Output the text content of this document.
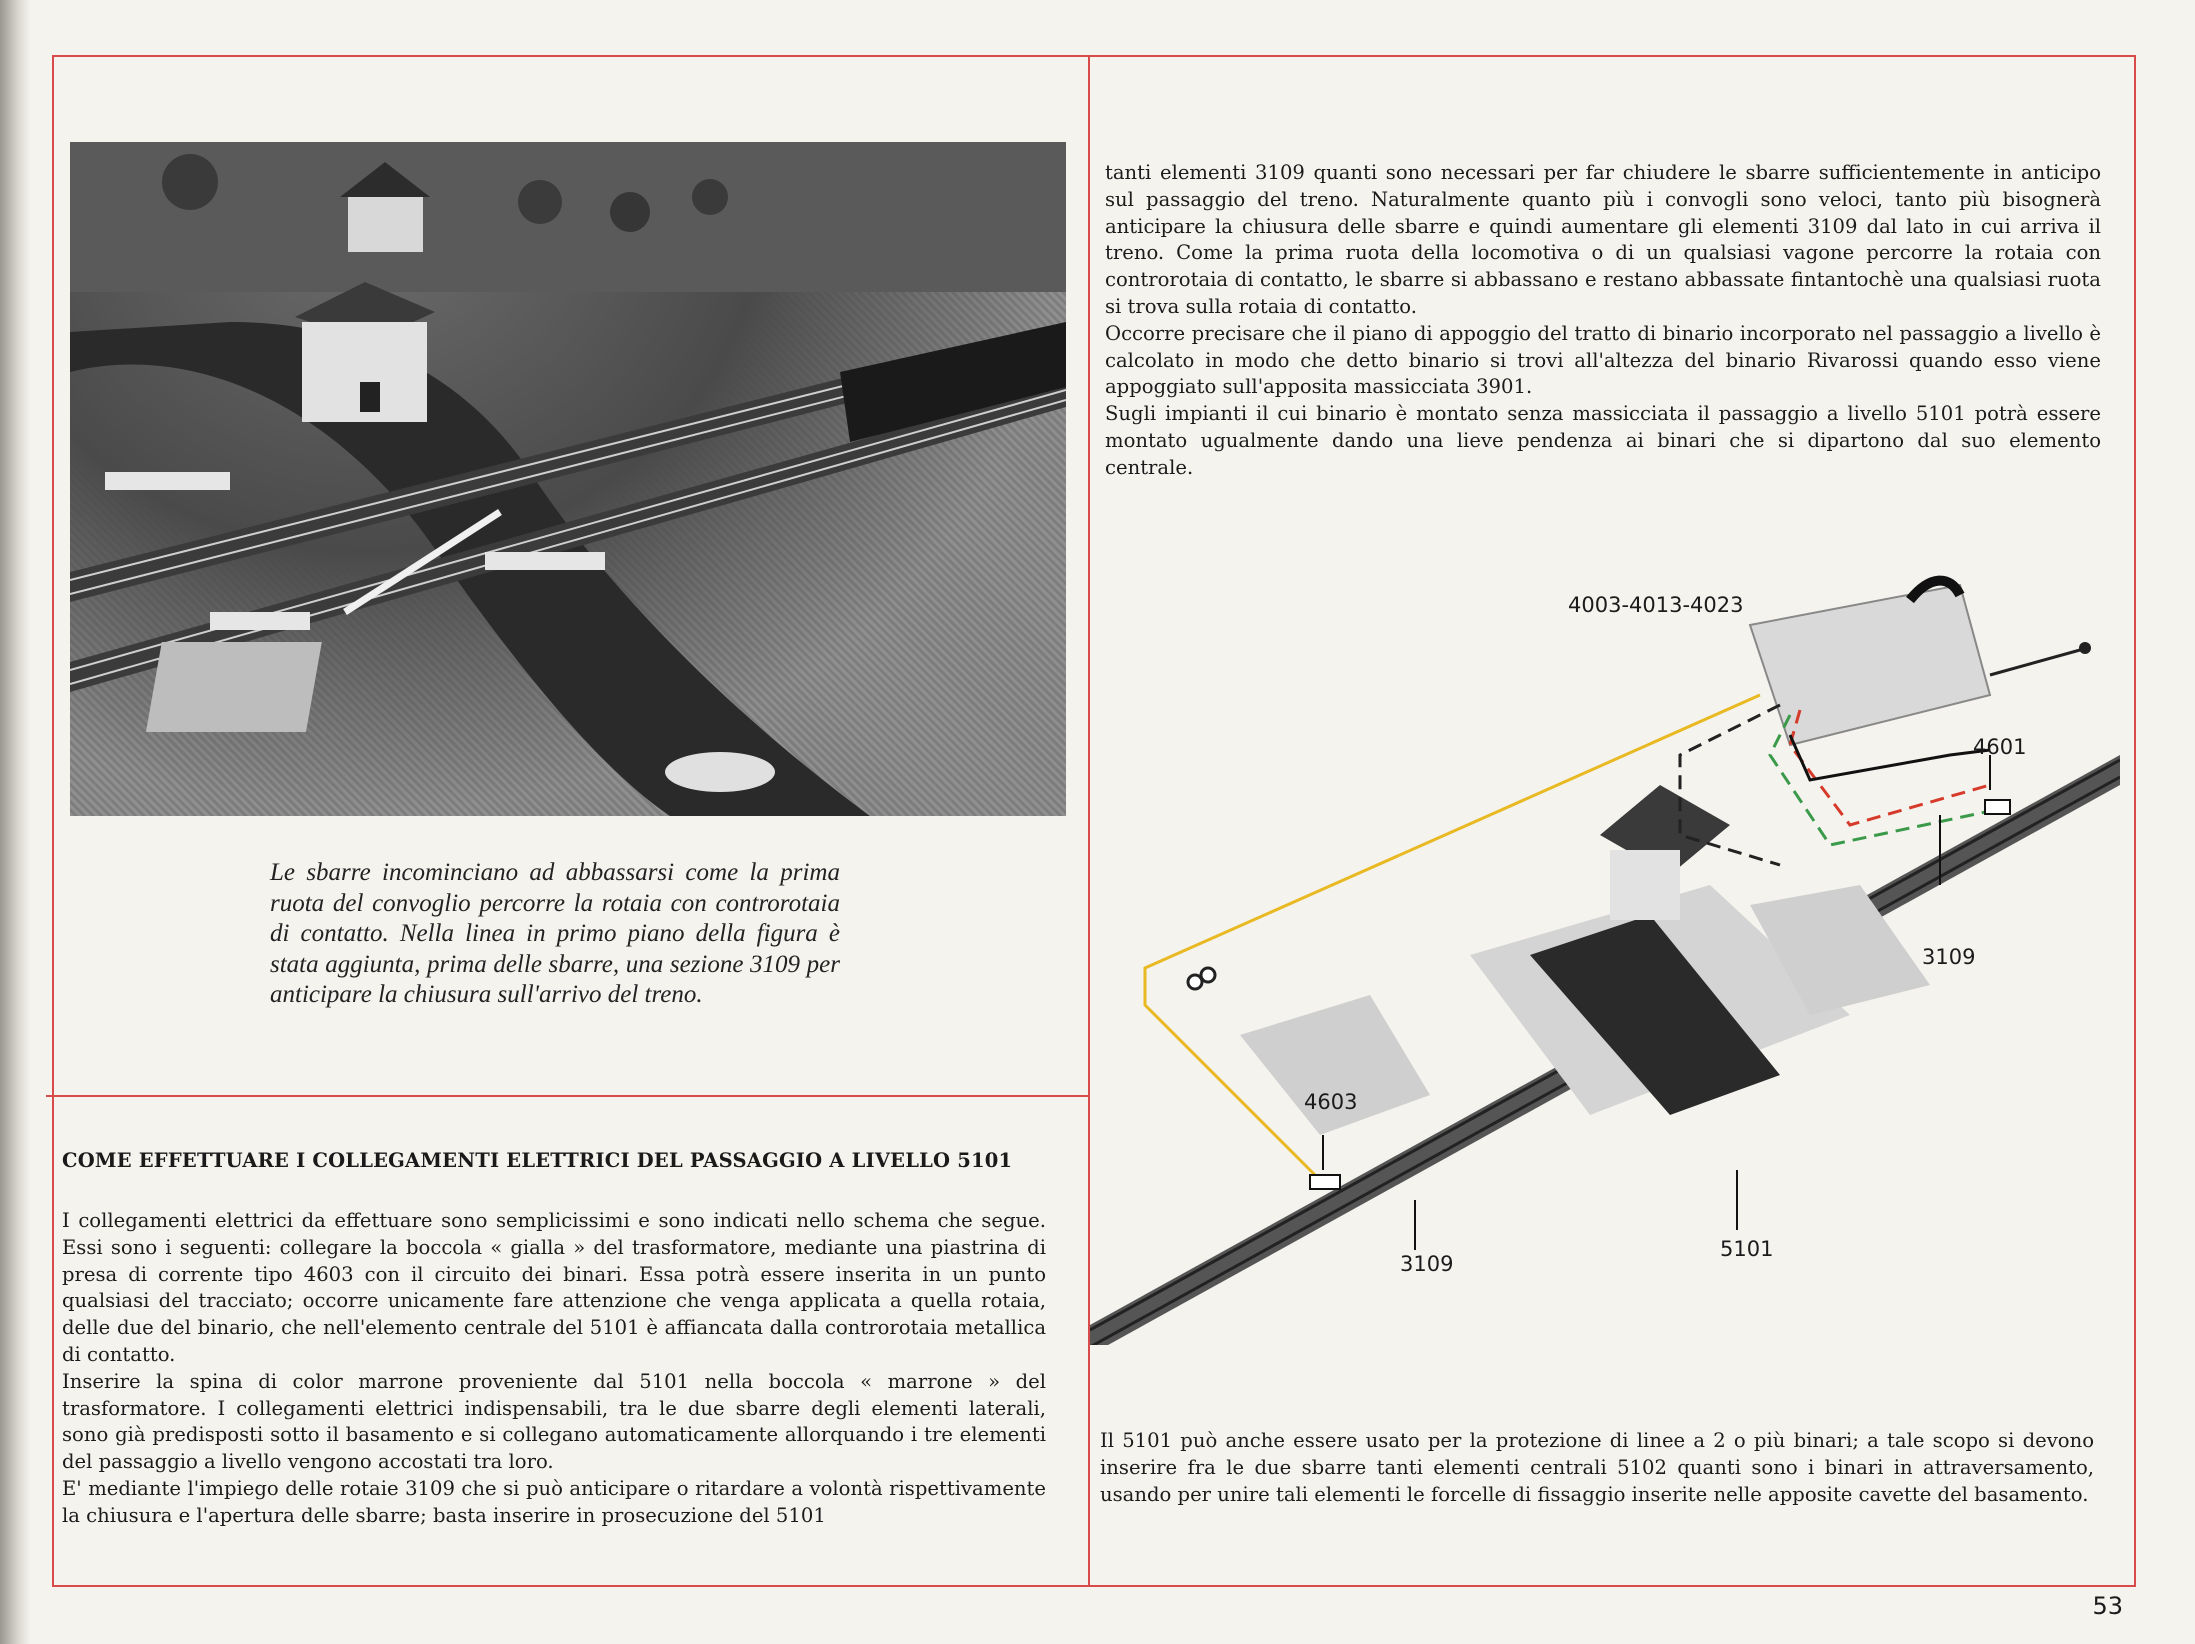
Le sbarre incominciano ad abbassarsi come la prima ruota del convoglio percorre la rotaia con controrotaia di contatto. Nella linea in primo piano della figura è stata aggiunta, prima delle sbarre, una sezione 3109 per anticipare la chiusura sull'arrivo del treno.
COME EFFETTUARE I COLLEGAMENTI ELETTRICI DEL PASSAGGIO A LIVELLO 5101

I collegamenti elettrici da effettuare sono semplicissimi e sono indicati nello schema che segue. Essi sono i seguenti: collegare la boccola « gialla » del trasformatore, mediante una piastrina di presa di corrente tipo 4603 con il circuito dei binari. Essa potrà essere inserita in un punto qualsiasi del tracciato; occorre unicamente fare attenzione che venga applicata a quella rotaia, delle due del binario, che nell'elemento centrale del 5101 è affiancata dalla controrotaia metallica di contatto.

Inserire la spina di color marrone proveniente dal 5101 nella boccola « marrone » del trasformatore. I collegamenti elettrici indispensabili, tra le due sbarre degli elementi laterali, sono già predisposti sotto il basamento e si collegano automaticamente allorquando i tre elementi del passaggio a livello vengono accostati tra loro.

E' mediante l'impiego delle rotaie 3109 che si può anticipare o ritardare a volontà rispettivamente la chiusura e l'apertura delle sbarre; basta inserire in prosecuzione del 5101

tanti elementi 3109 quanti sono necessari per far chiudere le sbarre sufficientemente in anticipo sul passaggio del treno. Naturalmente quanto più i convogli sono veloci, tanto più bisognerà anticipare la chiusura delle sbarre e quindi aumentare gli elementi 3109 dal lato in cui arriva il treno. Come la prima ruota della locomotiva o di un qualsiasi vagone percorre la rotaia con controrotaia di contatto, le sbarre si abbassano e restano abbassate fintantochè una qualsiasi ruota si trova sulla rotaia di contatto.

Occorre precisare che il piano di appoggio del tratto di binario incorporato nel passaggio a livello è calcolato in modo che detto binario si trovi all'altezza del binario Rivarossi quando esso viene appoggiato sull'apposita massicciata 3901.

Sugli impianti il cui binario è montato senza massicciata il passaggio a livello 5101 potrà essere montato ugualmente dando una lieve pendenza ai binari che si dipartono dal suo elemento centrale.

4003-4013-4023
4601
3109
4603
3109
5101
Il 5101 può anche essere usato per la protezione di linee a 2 o più binari; a tale scopo si devono inserire fra le due sbarre tanti elementi centrali 5102 quanti sono i binari in attraversamento, usando per unire tali elementi le forcelle di fissaggio inserite nelle apposite cavette del basamento.
53
